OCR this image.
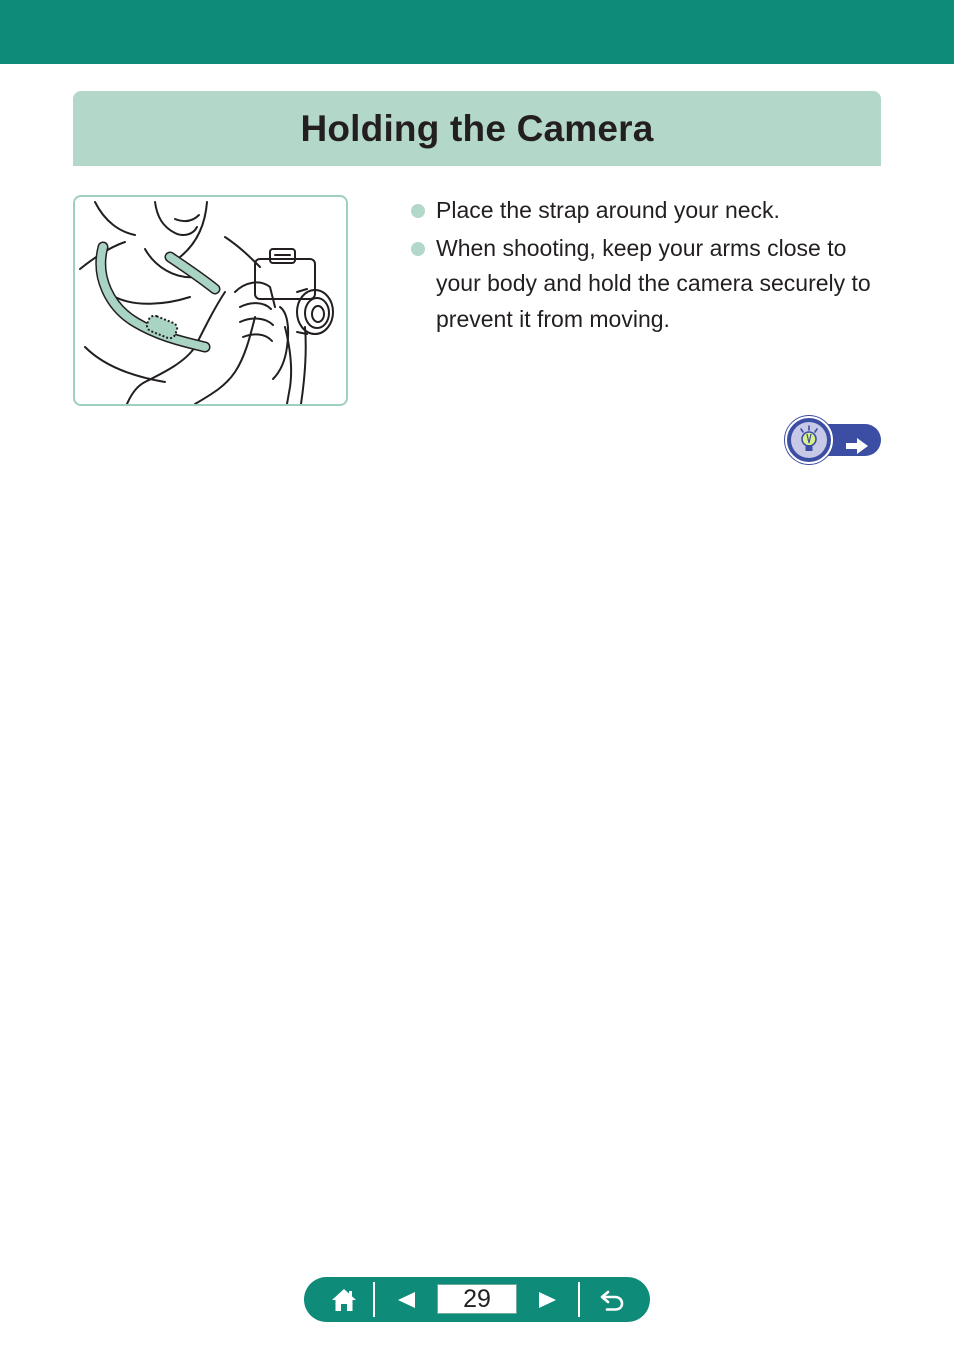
Holding the Camera
Place the strap around your neck.
When shooting, keep your arms close to your body and hold the camera securely to prevent it from moving.
29
